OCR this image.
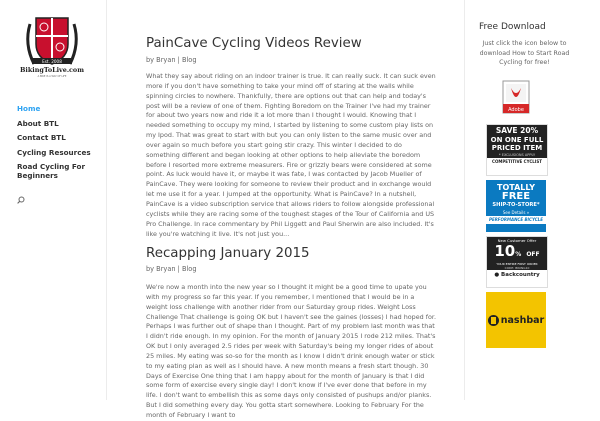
Est. 2008
BikingToLive.com
A BIKE IS A WAY OF LIFE
Home
About BTL
Contact BTL
Cycling Resources
Road Cycling For Beginners
PainCave Cycling Videos Review
by Bryan | Blog
What they say about riding on an indoor trainer is true. It can really suck. It can suck even more if you don't have something to take your mind off of staring at the walls while spinning circles to nowhere. Thankfully, there are options out that can help and today's post will be a review of one of them. Fighting Boredom on the Trainer I've had my trainer for about two years now and ride it a lot more than I thought I would. Knowing that I needed something to occupy my mind, I started by listening to some custom play lists on my Ipod. That was great to start with but you can only listen to the same music over and over again so much before you start going stir crazy. This winter I decided to do something different and began looking at other options to help alleviate the boredom before I resorted more extreme measurers. Fire or grizzly bears were considered at some point. As luck would have it, or maybe it was fate, I was contacted by Jacob Mueller of PainCave. They were looking for someone to review their product and in exchange would let me use it for a year. I jumped at the opportunity. What is PainCave? In a nutshell, PainCave is a video subscription service that allows riders to follow alongside professional cyclists while they are racing some of the toughest stages of the Tour of California and US Pro Challenge. In race commentary by Phil Liggett and Paul Sherwin are also included. It's like you're watching it live. It's not just you...
Recapping January 2015
by Bryan | Blog
We're now a month into the new year so I thought it might be a good time to upate you with my progress so far this year. If you remember, I mentioned that I would be in a weight loss challenge with another rider from our Saturday group rides. Weight Loss Challenge That challenge is going OK but I haven't see the gaines (losses) I had hoped for. Perhaps I was further out of shape than I thought. Part of my problem last month was that I didn't ride enough. In my opinion. For the month of January 2015 I rode 212 miles. That's OK but I only averaged 2.5 rides per week with Saturday's being my longer rides of about 25 miles. My eating was so-so for the month as I know I didn't drink enough water or stick to my eating plan as well as I should have. A new month means a fresh start though. 30 Days of Exercise One thing that I am happy about for the month of January is that I did some form of exercise every single day! I don't know if I've ever done that before in my life. I don't want to embellish this as some days only consisted of pushups and/or planks. But I did something every day. You gotta start somewhere. Looking to February For the month of February I want to
Free Download
Just click the icon below to download How to Start Road Cycling for free!
Adobe
SAVE 20%
ON ONE FULL
PRICED ITEM
* EXCLUSIONS APPLY
COMPETITIVE CYCLIST
TOTALLY
FREE
SHIP-TO-STORE*
See Details »
PERFORMANCE BICYCLE
New Customer Offer
10% OFF
YOUR ENTIRE FIRST ORDER
CODE: BIKING10
● Backcountry
nashbar
